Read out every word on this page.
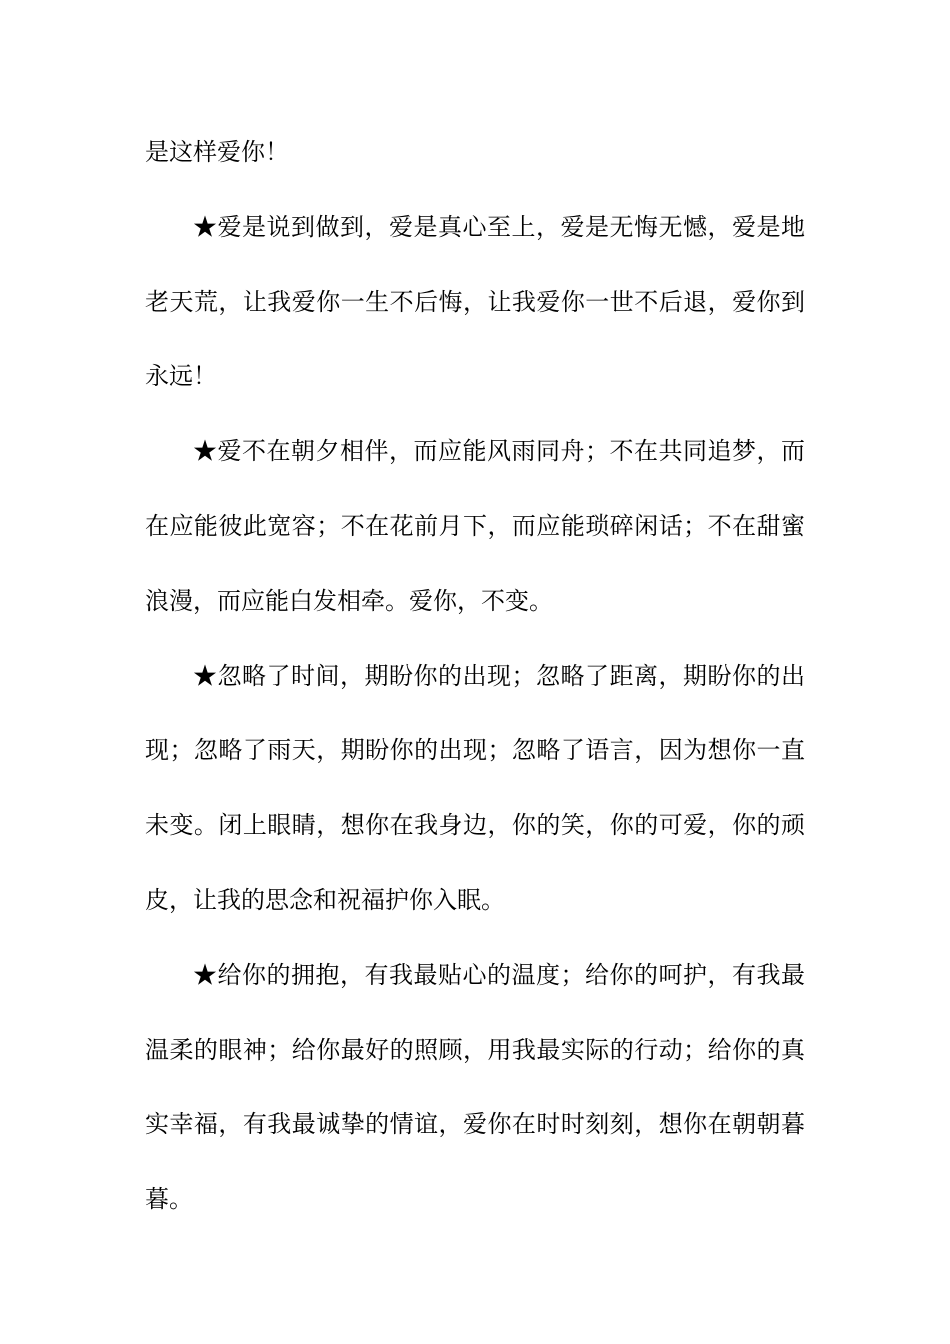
是这样爱你！

★爱是说到做到，爱是真心至上，爱是无悔无憾，爱是地老天荒，让我爱你一生不后悔，让我爱你一世不后退，爱你到永远！

★爱不在朝夕相伴，而应能风雨同舟；不在共同追梦，而在应能彼此宽容；不在花前月下，而应能琐碎闲话；不在甜蜜浪漫，而应能白发相牵。爱你，不变。

★忽略了时间，期盼你的出现；忽略了距离，期盼你的出现；忽略了雨天，期盼你的出现；忽略了语言，因为想你一直未变。闭上眼睛，想你在我身边，你的笑，你的可爱，你的顽皮，让我的思念和祝福护你入眠。

★给你的拥抱，有我最贴心的温度；给你的呵护，有我最温柔的眼神；给你最好的照顾，用我最实际的行动；给你的真实幸福，有我最诚挚的情谊，爱你在时时刻刻，想你在朝朝暮暮。
